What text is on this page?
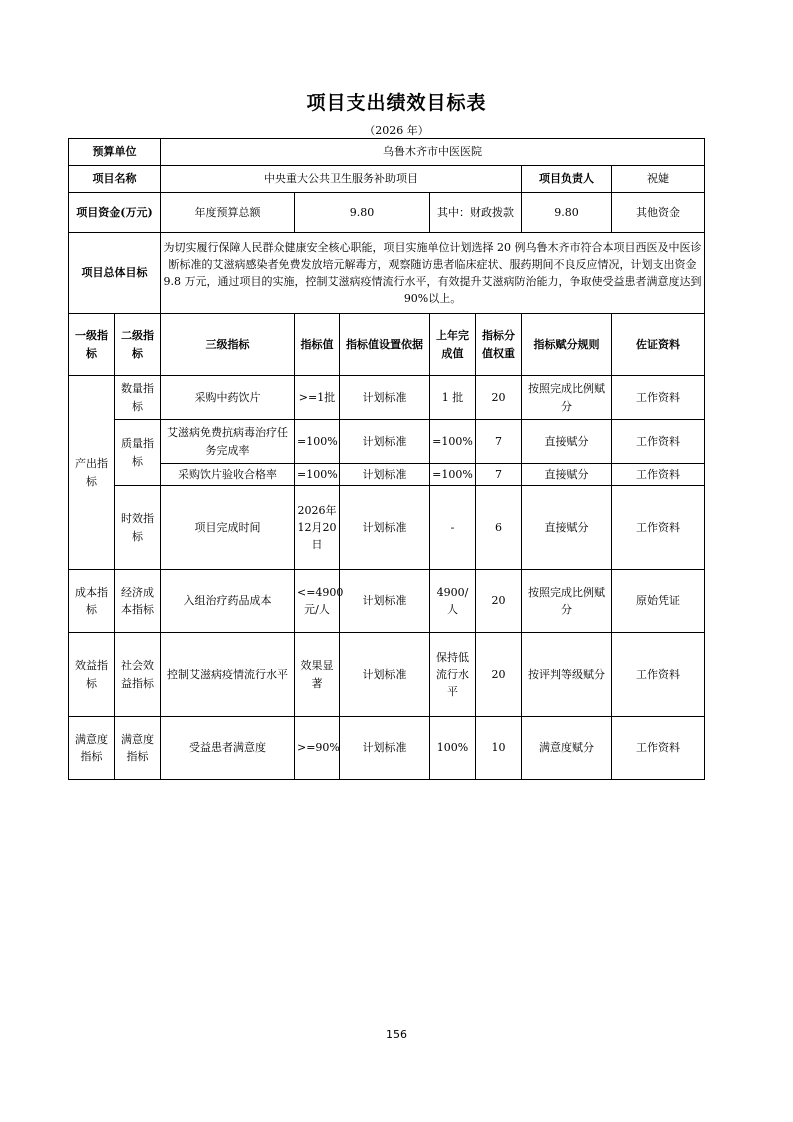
项目支出绩效目标表
（2026 年）
预算单位		乌鲁木齐市中医医院						
项目名称		中央重大公共卫生服务补助项目					项目负责人	祝婕
项目资金(万元)		年度预算总额	9.80		其中：财政拨款		9.80	其他资金
项目总体目标		为切实履行保障人民群众健康安全核心职能，项目实施单位计划选择 20 例乌鲁木齐市符合本项目西医及中医诊断标准的艾滋病感染者免费发放培元解毒方，观察随访患者临床症状、服药期间不良反应情况，计划支出资金 9.8 万元，通过项目的实施，控制艾滋病疫情流行水平，有效提升艾滋病防治能力，争取使受益患者满意度达到 90%以上。						
一级指标	二级指标	三级指标	指标值	指标值设置依据	上年完成值	指标分值权重	指标赋分规则	佐证资料
产出指标	数量指标	采购中药饮片	>=1批	计划标准	1 批	20	按照完成比例赋分	工作资料
	质量指标	艾滋病免费抗病毒治疗任务完成率	=100%	计划标准	=100%	7	直接赋分	工作资料
		采购饮片验收合格率	=100%	计划标准	=100%	7	直接赋分	工作资料
	时效指标	项目完成时间	2026年12月20日	计划标准	-	6	直接赋分	工作资料
成本指标	经济成本指标	入组治疗药品成本	<=4900元/人	计划标准	4900/人	20	按照完成比例赋分	原始凭证
效益指标	社会效益指标	控制艾滋病疫情流行水平	效果显著	计划标准	保持低流行水平	20	按评判等级赋分	工作资料
满意度指标	满意度指标	受益患者满意度	>=90%	计划标准	100%	10	满意度赋分	工作资料
156
